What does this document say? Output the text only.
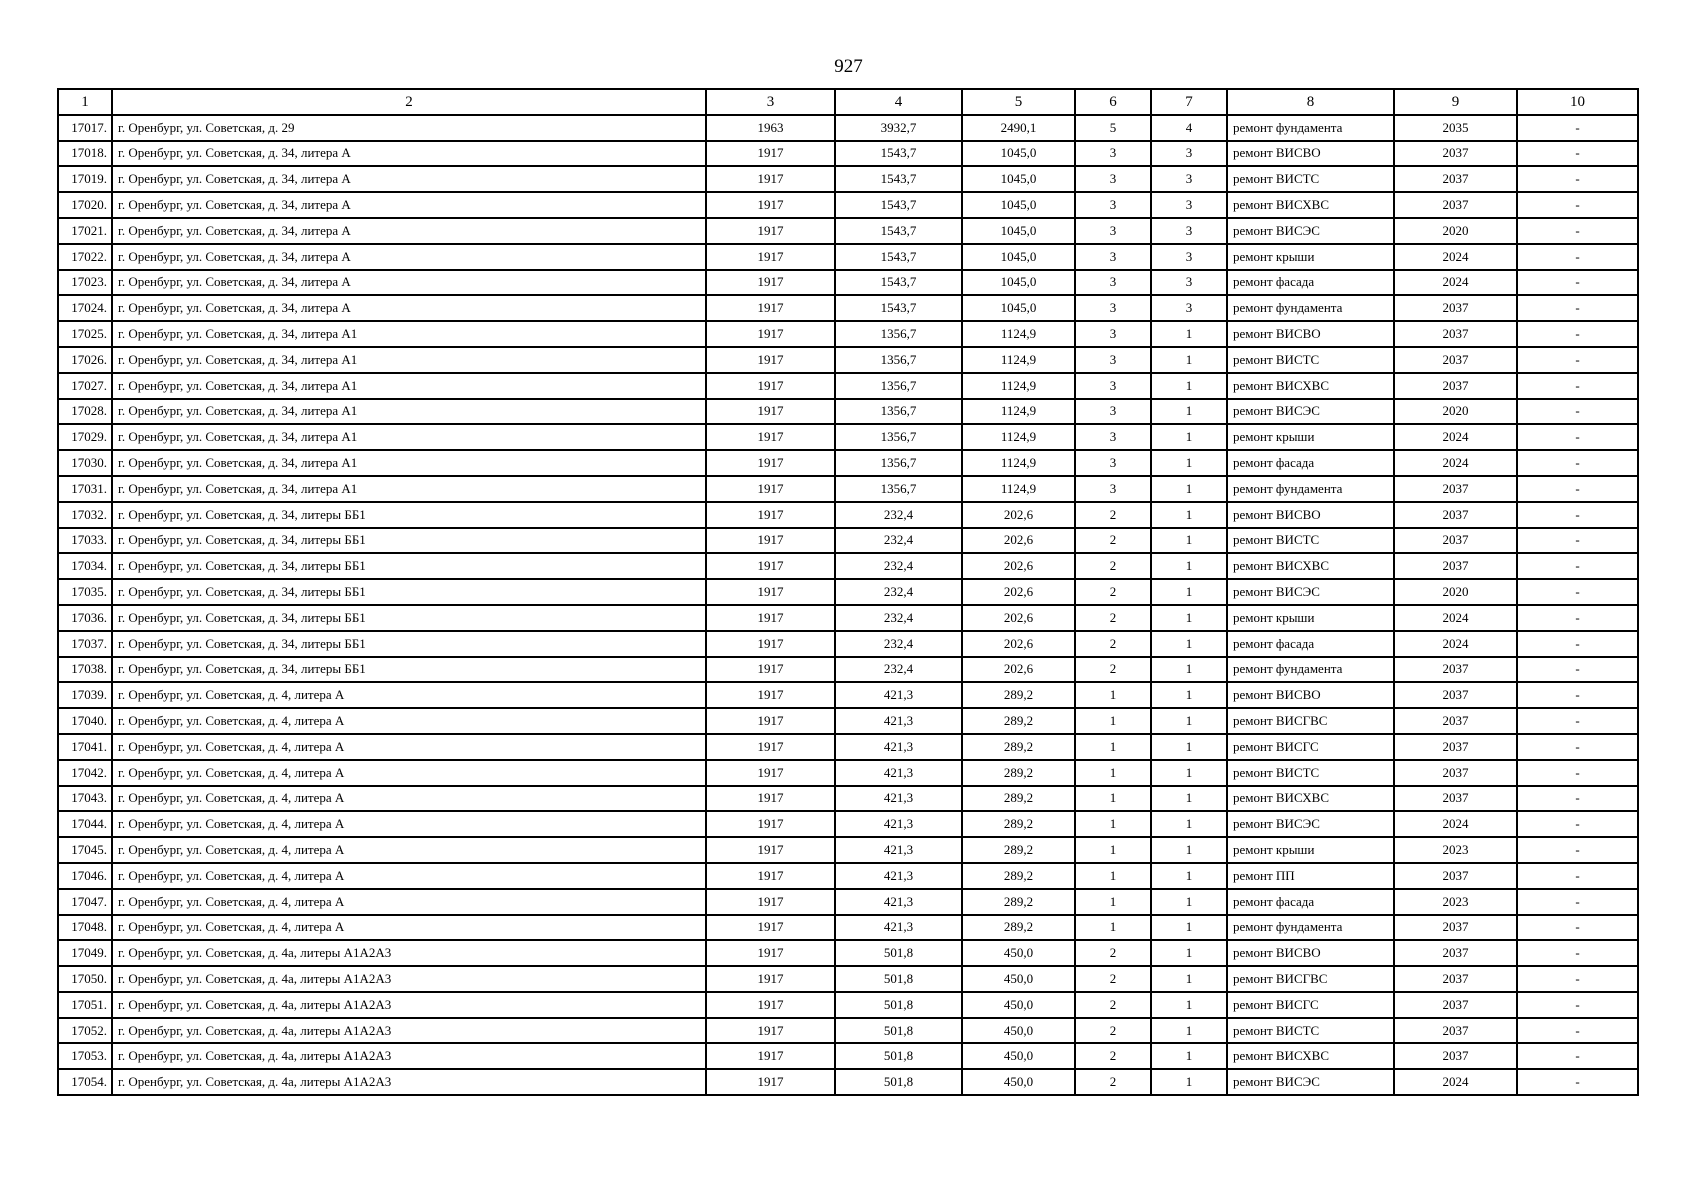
927
1	2	3	4	5	6	7	8	9	10
17017.	г. Оренбург, ул. Советская, д. 29	1963	3932,7	2490,1	5	4	ремонт фундамента	2035	-
17018.	г. Оренбург, ул. Советская, д. 34, литера А	1917	1543,7	1045,0	3	3	ремонт ВИСВО	2037	-
17019.	г. Оренбург, ул. Советская, д. 34, литера А	1917	1543,7	1045,0	3	3	ремонт ВИСТС	2037	-
17020.	г. Оренбург, ул. Советская, д. 34, литера А	1917	1543,7	1045,0	3	3	ремонт ВИСХВС	2037	-
17021.	г. Оренбург, ул. Советская, д. 34, литера А	1917	1543,7	1045,0	3	3	ремонт ВИСЭС	2020	-
17022.	г. Оренбург, ул. Советская, д. 34, литера А	1917	1543,7	1045,0	3	3	ремонт крыши	2024	-
17023.	г. Оренбург, ул. Советская, д. 34, литера А	1917	1543,7	1045,0	3	3	ремонт фасада	2024	-
17024.	г. Оренбург, ул. Советская, д. 34, литера А	1917	1543,7	1045,0	3	3	ремонт фундамента	2037	-
17025.	г. Оренбург, ул. Советская, д. 34, литера А1	1917	1356,7	1124,9	3	1	ремонт ВИСВО	2037	-
17026.	г. Оренбург, ул. Советская, д. 34, литера А1	1917	1356,7	1124,9	3	1	ремонт ВИСТС	2037	-
17027.	г. Оренбург, ул. Советская, д. 34, литера А1	1917	1356,7	1124,9	3	1	ремонт ВИСХВС	2037	-
17028.	г. Оренбург, ул. Советская, д. 34, литера А1	1917	1356,7	1124,9	3	1	ремонт ВИСЭС	2020	-
17029.	г. Оренбург, ул. Советская, д. 34, литера А1	1917	1356,7	1124,9	3	1	ремонт крыши	2024	-
17030.	г. Оренбург, ул. Советская, д. 34, литера А1	1917	1356,7	1124,9	3	1	ремонт фасада	2024	-
17031.	г. Оренбург, ул. Советская, д. 34, литера А1	1917	1356,7	1124,9	3	1	ремонт фундамента	2037	-
17032.	г. Оренбург, ул. Советская, д. 34, литеры ББ1	1917	232,4	202,6	2	1	ремонт ВИСВО	2037	-
17033.	г. Оренбург, ул. Советская, д. 34, литеры ББ1	1917	232,4	202,6	2	1	ремонт ВИСТС	2037	-
17034.	г. Оренбург, ул. Советская, д. 34, литеры ББ1	1917	232,4	202,6	2	1	ремонт ВИСХВС	2037	-
17035.	г. Оренбург, ул. Советская, д. 34, литеры ББ1	1917	232,4	202,6	2	1	ремонт ВИСЭС	2020	-
17036.	г. Оренбург, ул. Советская, д. 34, литеры ББ1	1917	232,4	202,6	2	1	ремонт крыши	2024	-
17037.	г. Оренбург, ул. Советская, д. 34, литеры ББ1	1917	232,4	202,6	2	1	ремонт фасада	2024	-
17038.	г. Оренбург, ул. Советская, д. 34, литеры ББ1	1917	232,4	202,6	2	1	ремонт фундамента	2037	-
17039.	г. Оренбург, ул. Советская, д. 4, литера А	1917	421,3	289,2	1	1	ремонт ВИСВО	2037	-
17040.	г. Оренбург, ул. Советская, д. 4, литера А	1917	421,3	289,2	1	1	ремонт ВИСГВС	2037	-
17041.	г. Оренбург, ул. Советская, д. 4, литера А	1917	421,3	289,2	1	1	ремонт ВИСГС	2037	-
17042.	г. Оренбург, ул. Советская, д. 4, литера А	1917	421,3	289,2	1	1	ремонт ВИСТС	2037	-
17043.	г. Оренбург, ул. Советская, д. 4, литера А	1917	421,3	289,2	1	1	ремонт ВИСХВС	2037	-
17044.	г. Оренбург, ул. Советская, д. 4, литера А	1917	421,3	289,2	1	1	ремонт ВИСЭС	2024	-
17045.	г. Оренбург, ул. Советская, д. 4, литера А	1917	421,3	289,2	1	1	ремонт крыши	2023	-
17046.	г. Оренбург, ул. Советская, д. 4, литера А	1917	421,3	289,2	1	1	ремонт ПП	2037	-
17047.	г. Оренбург, ул. Советская, д. 4, литера А	1917	421,3	289,2	1	1	ремонт фасада	2023	-
17048.	г. Оренбург, ул. Советская, д. 4, литера А	1917	421,3	289,2	1	1	ремонт фундамента	2037	-
17049.	г. Оренбург, ул. Советская, д. 4а, литеры А1А2А3	1917	501,8	450,0	2	1	ремонт ВИСВО	2037	-
17050.	г. Оренбург, ул. Советская, д. 4а, литеры А1А2А3	1917	501,8	450,0	2	1	ремонт ВИСГВС	2037	-
17051.	г. Оренбург, ул. Советская, д. 4а, литеры А1А2А3	1917	501,8	450,0	2	1	ремонт ВИСГС	2037	-
17052.	г. Оренбург, ул. Советская, д. 4а, литеры А1А2А3	1917	501,8	450,0	2	1	ремонт ВИСТС	2037	-
17053.	г. Оренбург, ул. Советская, д. 4а, литеры А1А2А3	1917	501,8	450,0	2	1	ремонт ВИСХВС	2037	-
17054.	г. Оренбург, ул. Советская, д. 4а, литеры А1А2А3	1917	501,8	450,0	2	1	ремонт ВИСЭС	2024	-
